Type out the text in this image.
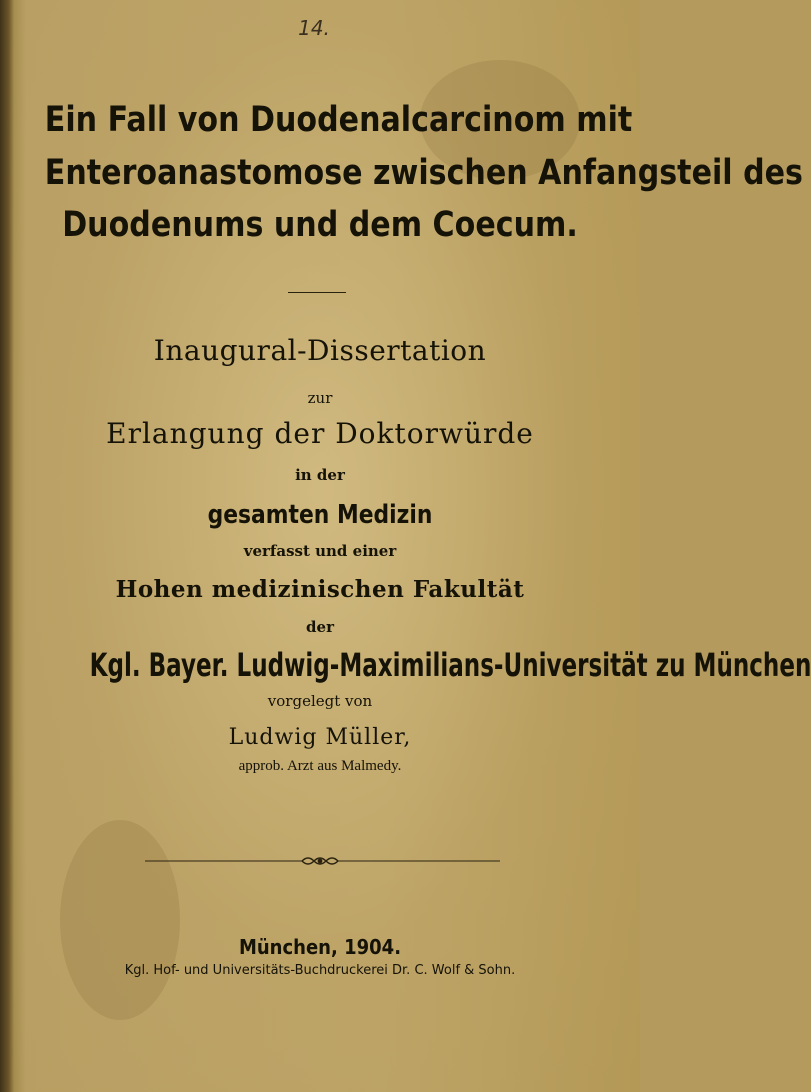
14.
Ein Fall von Duodenalcarcinom mit
Enteroanastomose zwischen Anfangsteil des
Duodenums und dem Coecum.
Inaugural-Dissertation
zur
Erlangung der Doktorwürde
in der
gesamten Medizin
verfasst und einer
Hohen medizinischen Fakultät
der
Kgl. Bayer. Ludwig-Maximilians-Universität zu München
vorgelegt von
Ludwig Müller,
approb. Arzt aus Malmedy.
München, 1904.
Kgl. Hof- und Universitäts-Buchdruckerei Dr. C. Wolf & Sohn.
